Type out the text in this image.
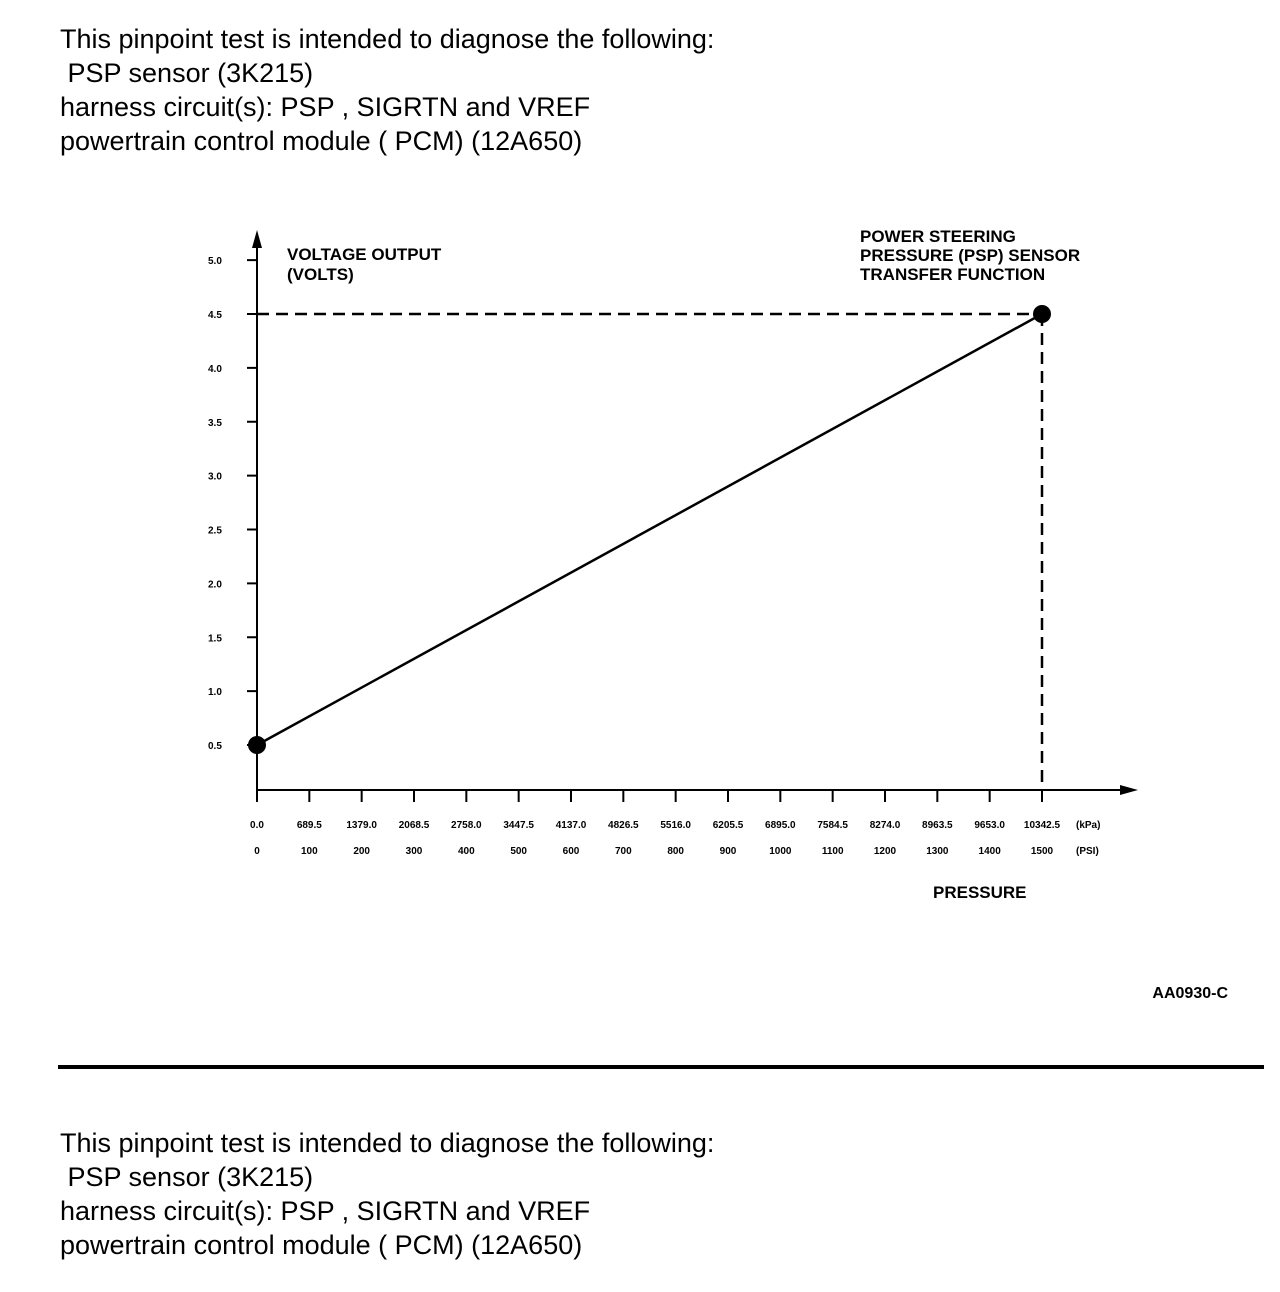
This pinpoint test is intended to diagnose the following:
PSP sensor (3K215)
harness circuit(s): PSP , SIGRTN and VREF
powertrain control module ( PCM) (12A650)
5.0
4.5
4.0
3.5
3.0
2.5
2.0
1.5
1.0
0.5
0.0
0
689.5
100
1379.0
200
2068.5
300
2758.0
400
3447.5
500
4137.0
600
4826.5
700
5516.0
800
6205.5
900
6895.0
1000
7584.5
1100
8274.0
1200
8963.5
1300
9653.0
1400
10342.5
1500
VOLTAGE OUTPUT
(VOLTS)
POWER STEERING
PRESSURE (PSP) SENSOR
TRANSFER FUNCTION
PRESSURE
(kPa)
(PSI)
AA0930-C
This pinpoint test is intended to diagnose the following:
PSP sensor (3K215)
harness circuit(s): PSP , SIGRTN and VREF
powertrain control module ( PCM) (12A650)
